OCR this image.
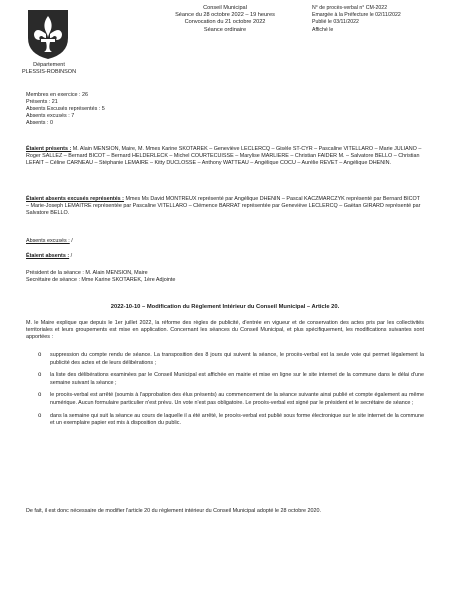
Département
PLESSIS-ROBINSON
Conseil Municipal
Séance du 28 octobre 2022 – 19 heures
Convocation du 21 octobre 2022
Séance ordinaire
N° de procès-verbal n° CM-2022
Emargée à la Préfecture le 02/11/2022
Publié le 03/11/2022
Affiché le
Membres en exercice : 26
Présents : 21
Absents Excusés représentés : 5
Absents excusés : 7
Absents : 0
Étaient présents : M. Alain MENSION, Maire, M. Mmes Karine SKOTAREK – Geneviève LECLERCQ – Gisèle ST-CYR – Pascaline VITELLARO – Marie JULIANO – Roger SALLEZ – Bernard BICOT – Bernard HELDERLECK – Michel COURTECUISSE – Marylise MARLIERE – Christian FAIDER M. – Salvatore BELLO – Christian LEFAIT – Céline CARNEAU – Stéphanie LEMAIRE – Kitty DUCLOSSE – Anthony WATTEAU – Angélique COCU – Aurélie REVET – Angélique DHENIN.
Étaient absents excusés représentés : Mmes Ms David MONTREUX représenté par Angélique DHENIN – Pascal KACZMARCZYK représenté par Bernard BICOT – Marie-Joseph LEMAITRE représentée par Pascaline VITELLARO – Clémence BARRAT représentée par Geneviève LECLERCQ – Gaëtan GIRARD représenté par Salvatore BELLO.
Absents excusés : /
Étaient absents : /
Président de la séance : M. Alain MENSION, Maire
Secrétaire de séance : Mme Karine SKOTAREK, 1ère Adjointe
2022-10-10 – Modification du Règlement Intérieur du Conseil Municipal – Article 20.
M. le Maire explique que depuis le 1er juillet 2022, la réforme des règles de publicité, d'entrée en vigueur et de conservation des actes pris par les collectivités territoriales et leurs groupements est mise en application. Concernant les séances du Conseil Municipal, et plus spécifiquement, les modifications suivantes sont apportées :
o suppression du compte rendu de séance. La transposition des 8 jours qui suivent la séance, le procès-verbal est la seule voie qui permet légalement la publicité des actes et de leurs délibérations ;
o la liste des délibérations examinées par le Conseil Municipal est affichée en mairie et mise en ligne sur le site internet de la commune dans le délai d'une semaine suivant la séance ;
o le procès-verbal est arrêté (soumis à l'approbation des élus présents) au commencement de la séance suivante ainsi publié et compte également au même numérique. Aucun formulaire particulier n'est prévu. Un vote n'est pas obligatoire. Le procès-verbal est signé par le président et le secrétaire de séance ;
o dans la semaine qui suit la séance au cours de laquelle il a été arrêté, le procès-verbal est publié sous forme électronique sur le site internet de la commune et un exemplaire papier est mis à disposition du public.
De fait, il est donc nécessaire de modifier l'article 20 du règlement intérieur du Conseil Municipal adopté le 28 octobre 2020.
